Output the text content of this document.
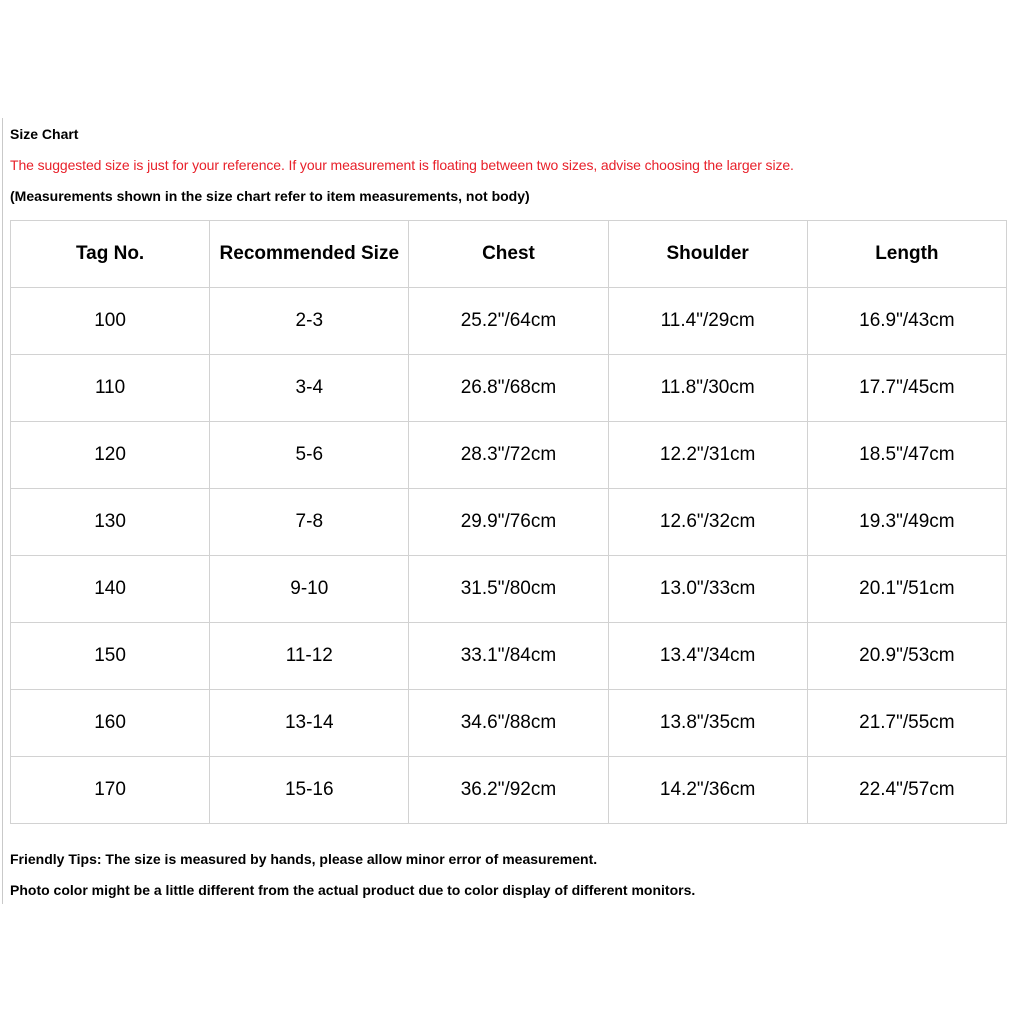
Size Chart
The suggested size is just for your reference. If your measurement is floating between two sizes, advise choosing the larger size.
(Measurements shown in the size chart refer to item measurements, not body)
Tag No.	Recommended Size	Chest	Shoulder	Length
100	2-3	25.2"/64cm	11.4"/29cm	16.9"/43cm
110	3-4	26.8"/68cm	11.8"/30cm	17.7"/45cm
120	5-6	28.3"/72cm	12.2"/31cm	18.5"/47cm
130	7-8	29.9"/76cm	12.6"/32cm	19.3"/49cm
140	9-10	31.5"/80cm	13.0"/33cm	20.1"/51cm
150	11-12	33.1"/84cm	13.4"/34cm	20.9"/53cm
160	13-14	34.6"/88cm	13.8"/35cm	21.7"/55cm
170	15-16	36.2"/92cm	14.2"/36cm	22.4"/57cm
Friendly Tips: The size is measured by hands, please allow minor error of measurement.
Photo color might be a little different from the actual product due to color display of different monitors.
